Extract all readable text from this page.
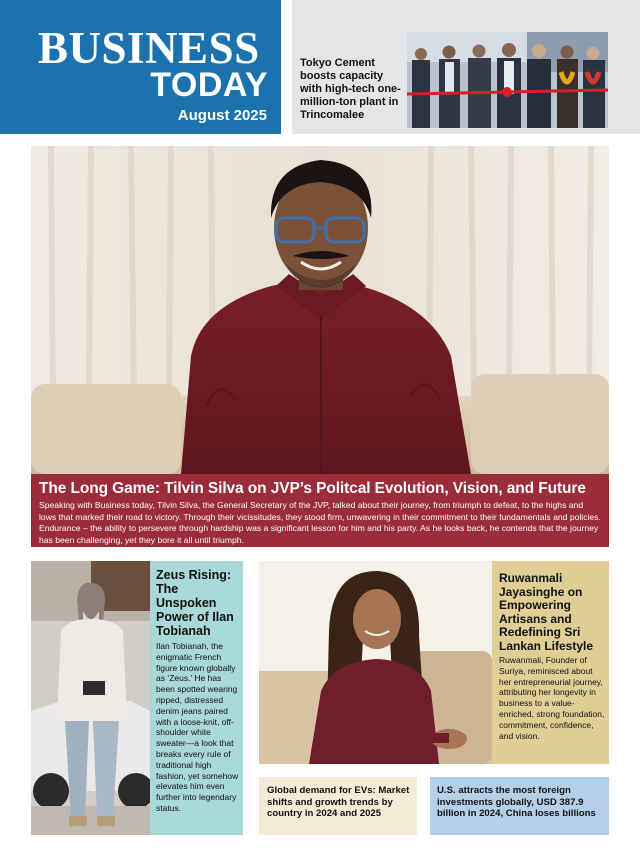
BUSINESS
TODAY
August 2025
Tokyo Cement boosts capacity with high-tech one-million-ton plant in Trincomalee
The Long Game: Tilvin Silva on JVP’s Politcal Evolution, Vision, and Future
Speaking with Business today, Tilvin Silva, the General Secretary of the JVP, talked about their journey, from triumph to defeat, to the highs and lows that marked their road to victory. Through their vicissitudes, they stood firm, unwavering in their commitment to their fundamentals and policies. Endurance – the ability to persevere through hardship was a significant lesson for him and his party. As he looks back, he contends that the journey has been challenging, yet they bore it all until triumph.
Zeus Rising: The Unspoken Power of Ilan Tobianah
Ilan Tobianah, the enigmatic French figure known globally as ‘Zeus.’ He has been spotted wearing ripped, distressed denim jeans paired with a loose-knit, off-shoulder white sweater—a look that breaks every rule of traditional high fashion, yet somehow elevates him even further into legendary status.
Ruwanmali Jayasinghe on Empowering Artisans and Redefining Sri Lankan Lifestyle
Ruwanmali, Founder of Suriya, reminisced about her entrepreneurial journey, attributing her longevity in business to a value-enriched, strong foundation, commitment, confidence, and vision.
Global demand for EVs: Market shifts and growth trends by country in 2024 and 2025
U.S. attracts the most foreign investments globally, USD 387.9 billion in 2024, China loses billions
